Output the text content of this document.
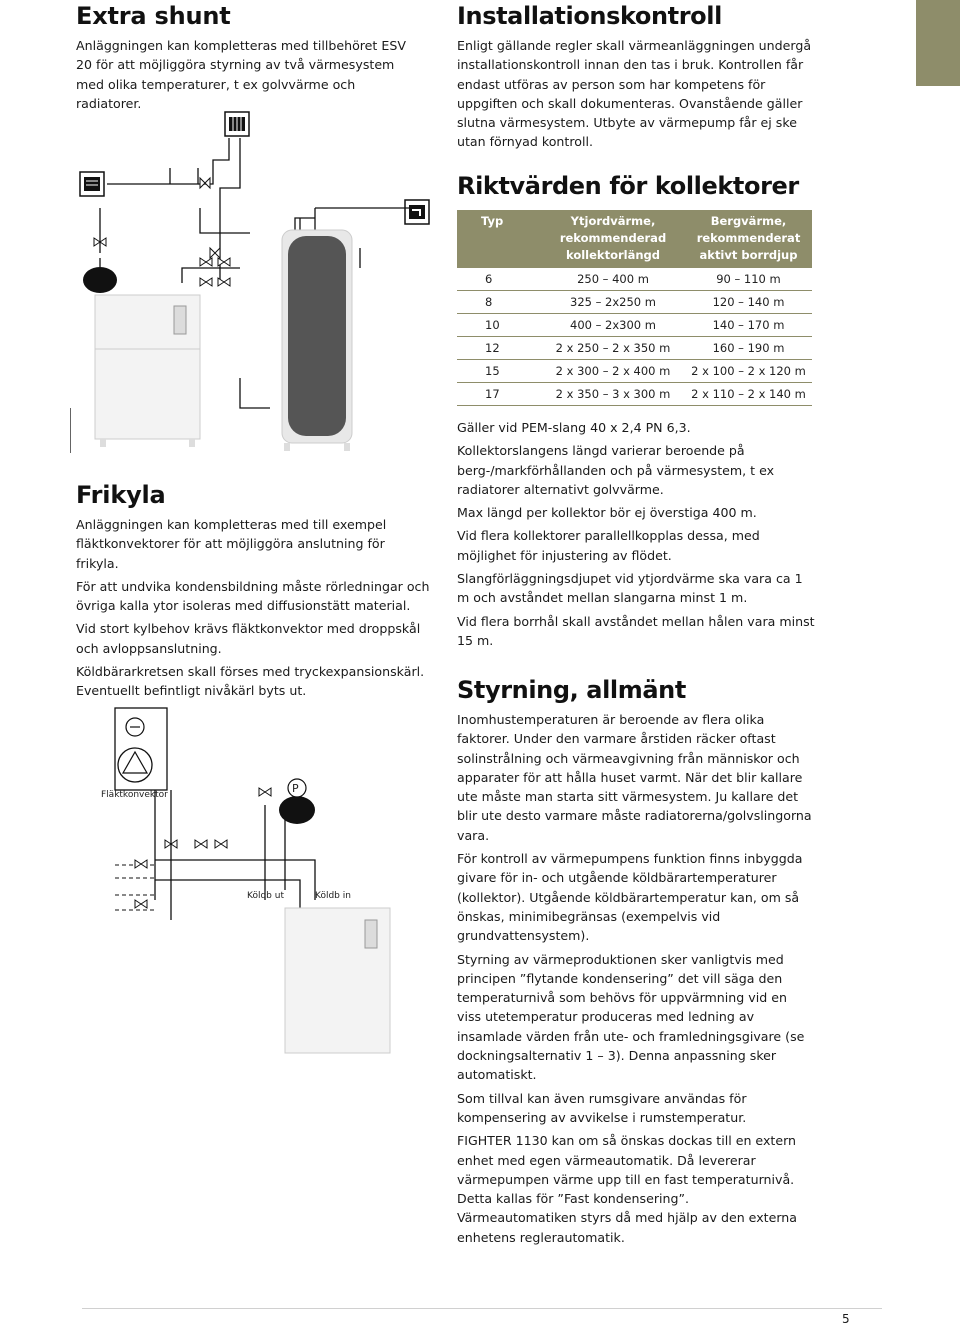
Extra shunt

Anläggningen kan kompletteras med tillbehöret ESV 20 för att möjliggöra styrning av två värmesystem med olika temperaturer, t ex golvvärme och radiatorer.

Frikyla

Anläggningen kan kompletteras med till exempel fläktkonvektorer för att möjliggöra anslutning för frikyla.

För att undvika kondensbildning måste rörledningar och övriga kalla ytor isoleras med diffusionstätt material.

Vid stort kylbehov krävs fläktkonvektor med droppskål och avloppsanslutning.

Köldbärarkretsen skall förses med tryckexpansionskärl. Eventuellt befintligt nivåkärl byts ut.

Fläktkonvektor	P
Köldb ut	Köldb in
Installationskontroll

Enligt gällande regler skall värmeanläggningen undergå installationskontroll innan den tas i bruk. Kontrollen får endast utföras av person som har kompetens för uppgiften och skall dokumenteras. Ovanstående gäller slutna värmesystem. Utbyte av värmepump får ej ske utan förnyad kontroll.

Riktvärden för kollektorer
Typ	Ytjordvärme, rekommenderad kollektorlängd	Bergvärme, rekommenderat aktivt borrdjup
6	250 – 400 m	90 – 110 m
8	325 – 2x250 m	120 – 140 m
10	400 – 2x300 m	140 – 170 m
12	2 x 250 – 2 x 350 m	160 – 190 m
15	2 x 300 – 2 x 400 m	2 x 100 – 2 x 120 m
17	2 x 350 – 3 x 300 m	2 x 110 – 2 x 140 m

Gäller vid PEM-slang 40 x 2,4 PN 6,3.

Kollektorslangens längd varierar beroende på berg-/markförhållanden och på värmesystem, t ex radiatorer alternativt golvvärme.

Max längd per kollektor bör ej överstiga 400 m.

Vid flera kollektorer parallellkopplas dessa, med möjlighet för injustering av flödet.

Slangförläggningsdjupet vid ytjordvärme ska vara ca 1 m och avståndet mellan slangarna minst 1 m.

Vid flera borrhål skall avståndet mellan hålen vara minst 15 m.

Styrning, allmänt

Inomhustemperaturen är beroende av flera olika faktorer. Under den varmare årstiden räcker oftast solinstrålning och värmeavgivning från människor och apparater för att hålla huset varmt. När det blir kallare ute måste man starta sitt värmesystem. Ju kallare det blir ute desto varmare måste radiatorerna/golvslingorna vara.

För kontroll av värmepumpens funktion finns inbyggda givare för in- och utgående köldbärartemperaturer (kollektor). Utgående köldbärartemperatur kan, om så önskas, minimibegränsas (exempelvis vid grundvattensystem).

Styrning av värmeproduktionen sker vanligtvis med principen ”flytande kondensering” det vill säga den temperaturnivå som behövs för uppvärmning vid en viss utetemperatur produceras med ledning av insamlade värden från ute- och framledningsgivare (se dockningsalternativ 1 – 3). Denna anpassning sker automatiskt.

Som tillval kan även rumsgivare användas för kompensering av avvikelse i rumstemperatur.

FIGHTER 1130 kan om så önskas dockas till en extern enhet med egen värmeautomatik. Då levererar värmepumpen värme upp till en fast temperaturnivå. Detta kallas för ”Fast kondensering”. Värmeautomatiken styrs då med hjälp av den externa enhetens reglerautomatik.

5
